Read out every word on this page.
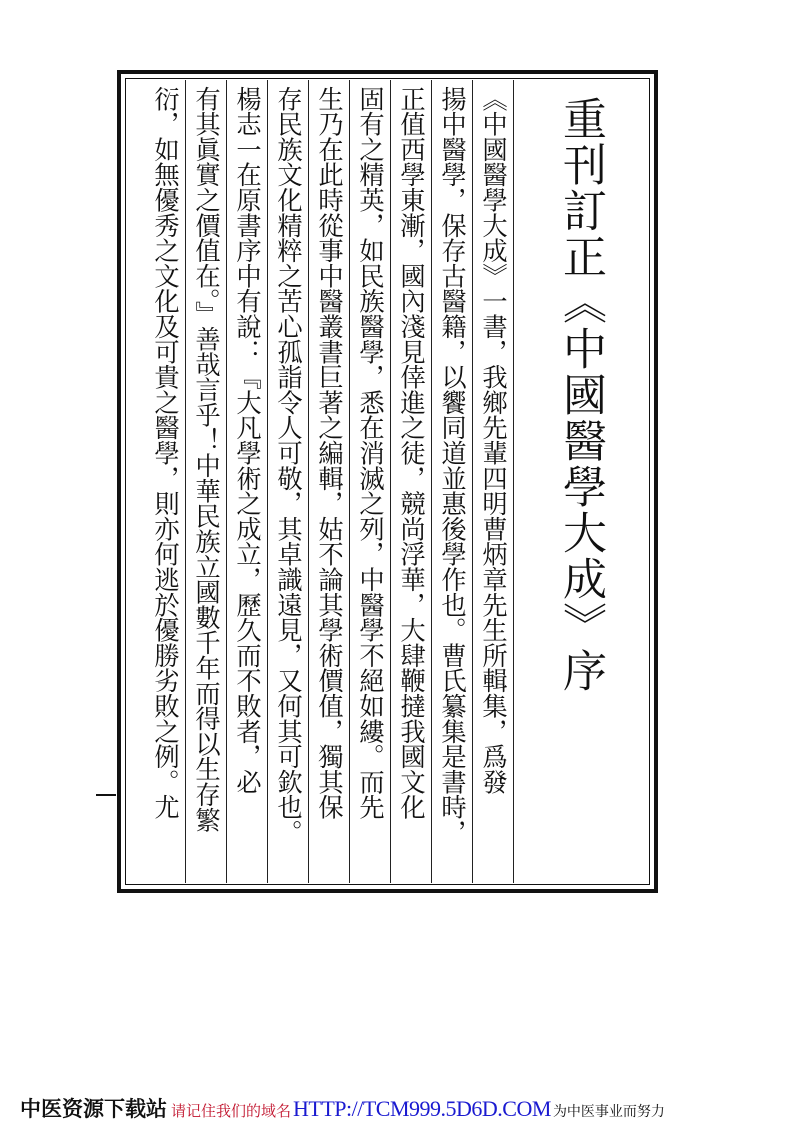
重刊訂正《中國醫學大成》序
《中國醫學大成》一書，我鄉先輩四明曹炳章先生所輯集，爲發
揚中醫學，保存古醫籍，以饗同道並惠後學作也。曹氏纂集是書時，
正值西學東漸，國內淺見倖進之徒，競尚浮華，大肆鞭撻我國文化
固有之精英，如民族醫學，悉在消滅之列，中醫學不絕如縷。而先
生乃在此時從事中醫叢書巨著之編輯，姑不論其學術價值，獨其保
存民族文化精粹之苦心孤詣令人可敬，其卓識遠見，又何其可欽也。
楊志一在原書序中有說：『大凡學術之成立，歷久而不敗者，必
有其眞實之價值在。』善哉言乎！中華民族立國數千年而得以生存繁
衍，如無優秀之文化及可貴之醫學，則亦何逃於優勝劣敗之例。尤
中医资源下载站 请记住我们的域名HTTP://TCM999.5D6D.COM 为中医事业而努力
